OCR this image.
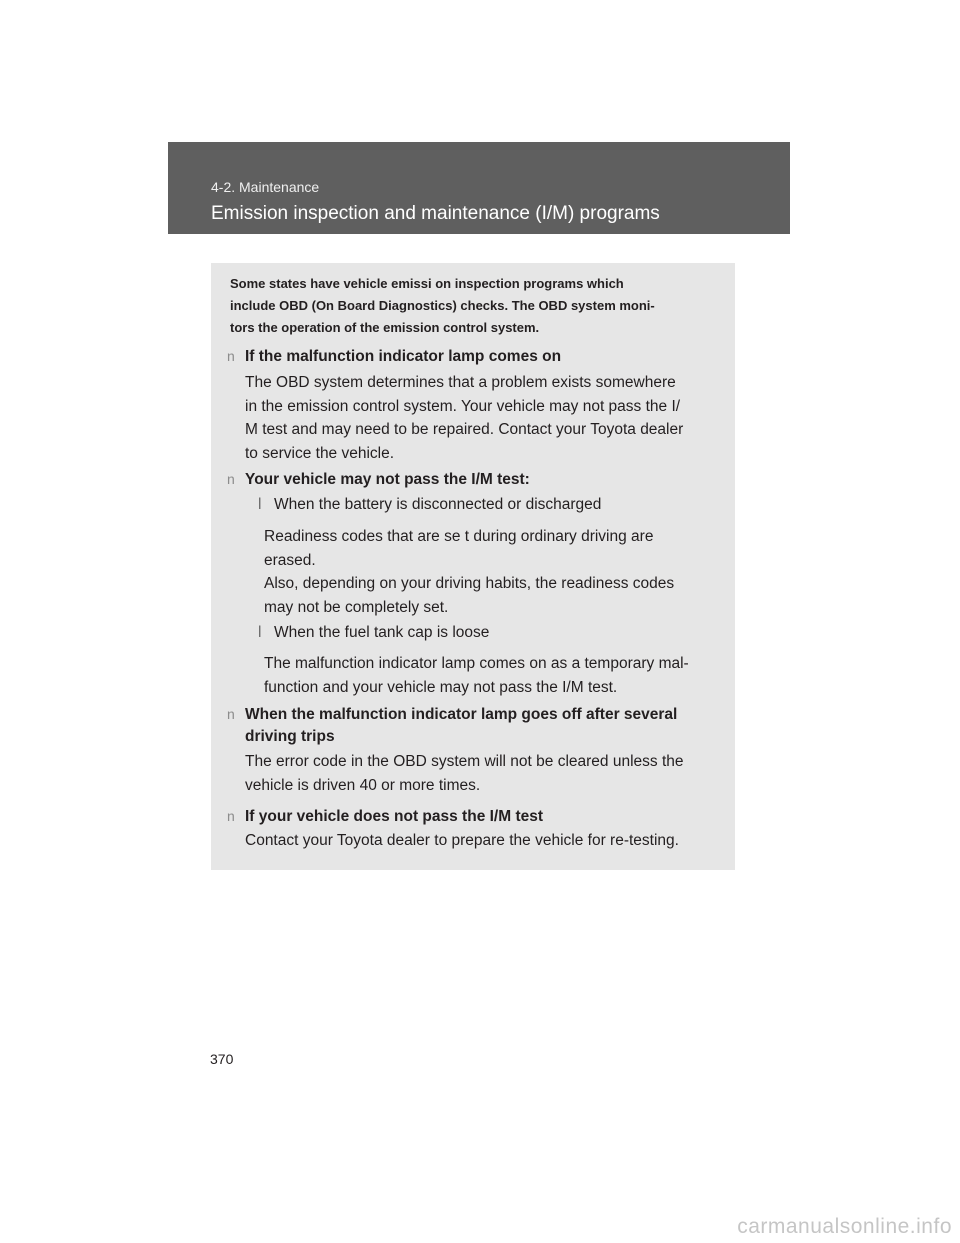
4‑2. Maintenance
Emission inspection and maintenance (I/M) programs

Some states have vehicle emissi on inspection programs which
include OBD (On Board Diagnostics) checks. The OBD system moni‑
tors the operation of the emission control system.

n If the malfunction indicator lamp comes on
The OBD system determines that a problem exists somewhere
in the emission control system. Your vehicle may not pass the I/
M test and may need to be repaired. Contact your Toyota dealer
to service the vehicle.
n Your vehicle may not pass the I/M test:
l When the battery is disconnected or discharged
Readiness codes that are se t during ordinary driving are
erased.
Also, depending on your driving habits, the readiness codes
may not be completely set.
l When the fuel tank cap is loose
The malfunction indicator lamp comes on as a temporary mal‑
function and your vehicle may not pass the I/M test.
n When the malfunction indicator lamp goes off after several
driving trips
The error code in the OBD system will not be cleared unless the
vehicle is driven 40 or more times.
n If your vehicle does not pass the I/M test
Contact your Toyota dealer to prepare the vehicle for re‑testing.
370
carmanualsonline.info
